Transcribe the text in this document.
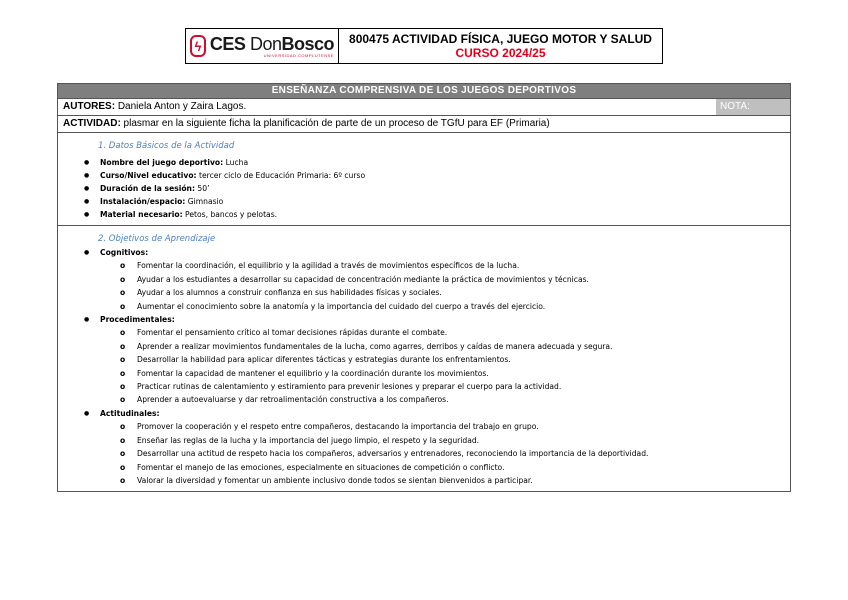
ϟ CES DonBosco
UNIVERSIDAD COMPLUTENSE
800475 ACTIVIDAD FÍSICA, JUEGO MOTOR Y SALUD
CURSO 2024/25
ENSEÑANZA COMPRENSIVA DE LOS JUEGOS DEPORTIVOS
AUTORES: Daniela Anton y Zaira Lagos.	NOTA:
ACTIVIDAD: plasmar en la siguiente ficha la planificación de parte de un proceso de TGfU para EF (Primaria)
1. Datos Básicos de la Actividad
● Nombre del juego deportivo: Lucha
● Curso/Nivel educativo: tercer ciclo de Educación Primaria: 6º curso
● Duración de la sesión: 50’
● Instalación/espacio: Gimnasio
● Material necesario: Petos, bancos y pelotas.
2. Objetivos de Aprendizaje
● Cognitivos:
o Fomentar la coordinación, el equilibrio y la agilidad a través de movimientos específicos de la lucha.
o Ayudar a los estudiantes a desarrollar su capacidad de concentración mediante la práctica de movimientos y técnicas.
o Ayudar a los alumnos a construir confianza en sus habilidades físicas y sociales.
o Aumentar el conocimiento sobre la anatomía y la importancia del cuidado del cuerpo a través del ejercicio.
● Procedimentales:
o Fomentar el pensamiento crítico al tomar decisiones rápidas durante el combate.
o Aprender a realizar movimientos fundamentales de la lucha, como agarres, derribos y caídas de manera adecuada y segura.
o Desarrollar la habilidad para aplicar diferentes tácticas y estrategias durante los enfrentamientos.
o Fomentar la capacidad de mantener el equilibrio y la coordinación durante los movimientos.
o Practicar rutinas de calentamiento y estiramiento para prevenir lesiones y preparar el cuerpo para la actividad.
o Aprender a autoevaluarse y dar retroalimentación constructiva a los compañeros.
● Actitudinales:
o Promover la cooperación y el respeto entre compañeros, destacando la importancia del trabajo en grupo.
o Enseñar las reglas de la lucha y la importancia del juego limpio, el respeto y la seguridad.
o Desarrollar una actitud de respeto hacia los compañeros, adversarios y entrenadores, reconociendo la importancia de la deportividad.
o Fomentar el manejo de las emociones, especialmente en situaciones de competición o conflicto.
o Valorar la diversidad y fomentar un ambiente inclusivo donde todos se sientan bienvenidos a participar.
